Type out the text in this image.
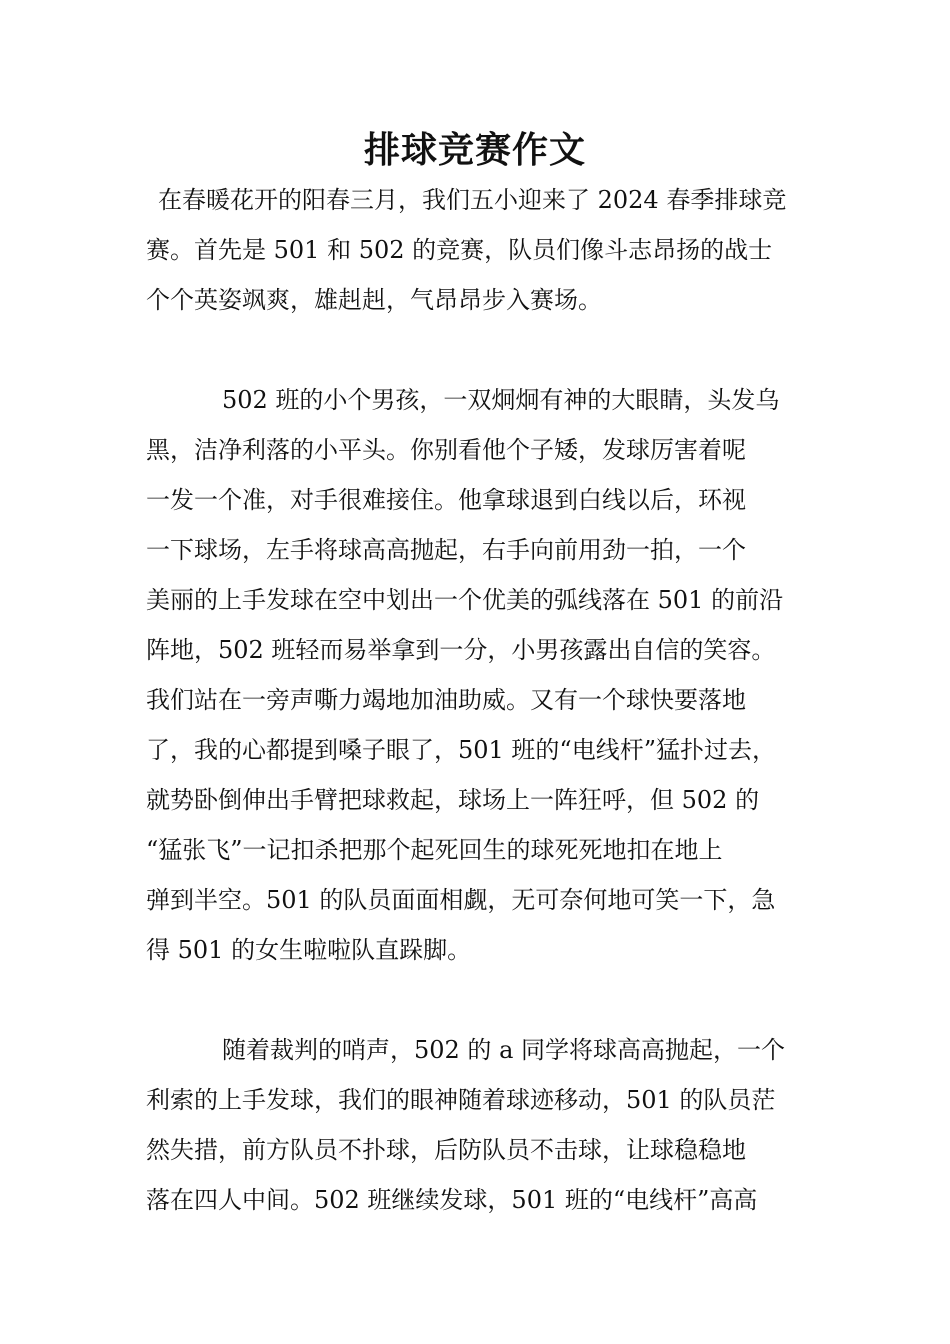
排球竞赛作文

在春暖花开的阳春三月，我们五小迎来了 2024 春季排球竞

赛。首先是 501 和 502 的竞赛，队员们像斗志昂扬的战士

个个英姿飒爽，雄赳赳，气昂昂步入赛场。

502 班的小个男孩，一双炯炯有神的大眼睛，头发乌

黑，洁净利落的小平头。你别看他个子矮，发球厉害着呢

一发一个准，对手很难接住。他拿球退到白线以后，环视

一下球场，左手将球高高抛起，右手向前用劲一拍，一个

美丽的上手发球在空中划出一个优美的弧线落在 501 的前沿

阵地，502 班轻而易举拿到一分，小男孩露出自信的笑容。

我们站在一旁声嘶力竭地加油助威。又有一个球快要落地

了，我的心都提到嗓子眼了，501 班的“电线杆”猛扑过去，

就势卧倒伸出手臂把球救起，球场上一阵狂呼，但 502 的

“猛张飞”一记扣杀把那个起死回生的球死死地扣在地上

弹到半空。501 的队员面面相觑，无可奈何地可笑一下，急

得 501 的女生啦啦队直跺脚。

随着裁判的哨声，502 的 a 同学将球高高抛起，一个

利索的上手发球，我们的眼神随着球迹移动，501 的队员茫

然失措，前方队员不扑球，后防队员不击球，让球稳稳地

落在四人中间。502 班继续发球，501 班的“电线杆”高高
